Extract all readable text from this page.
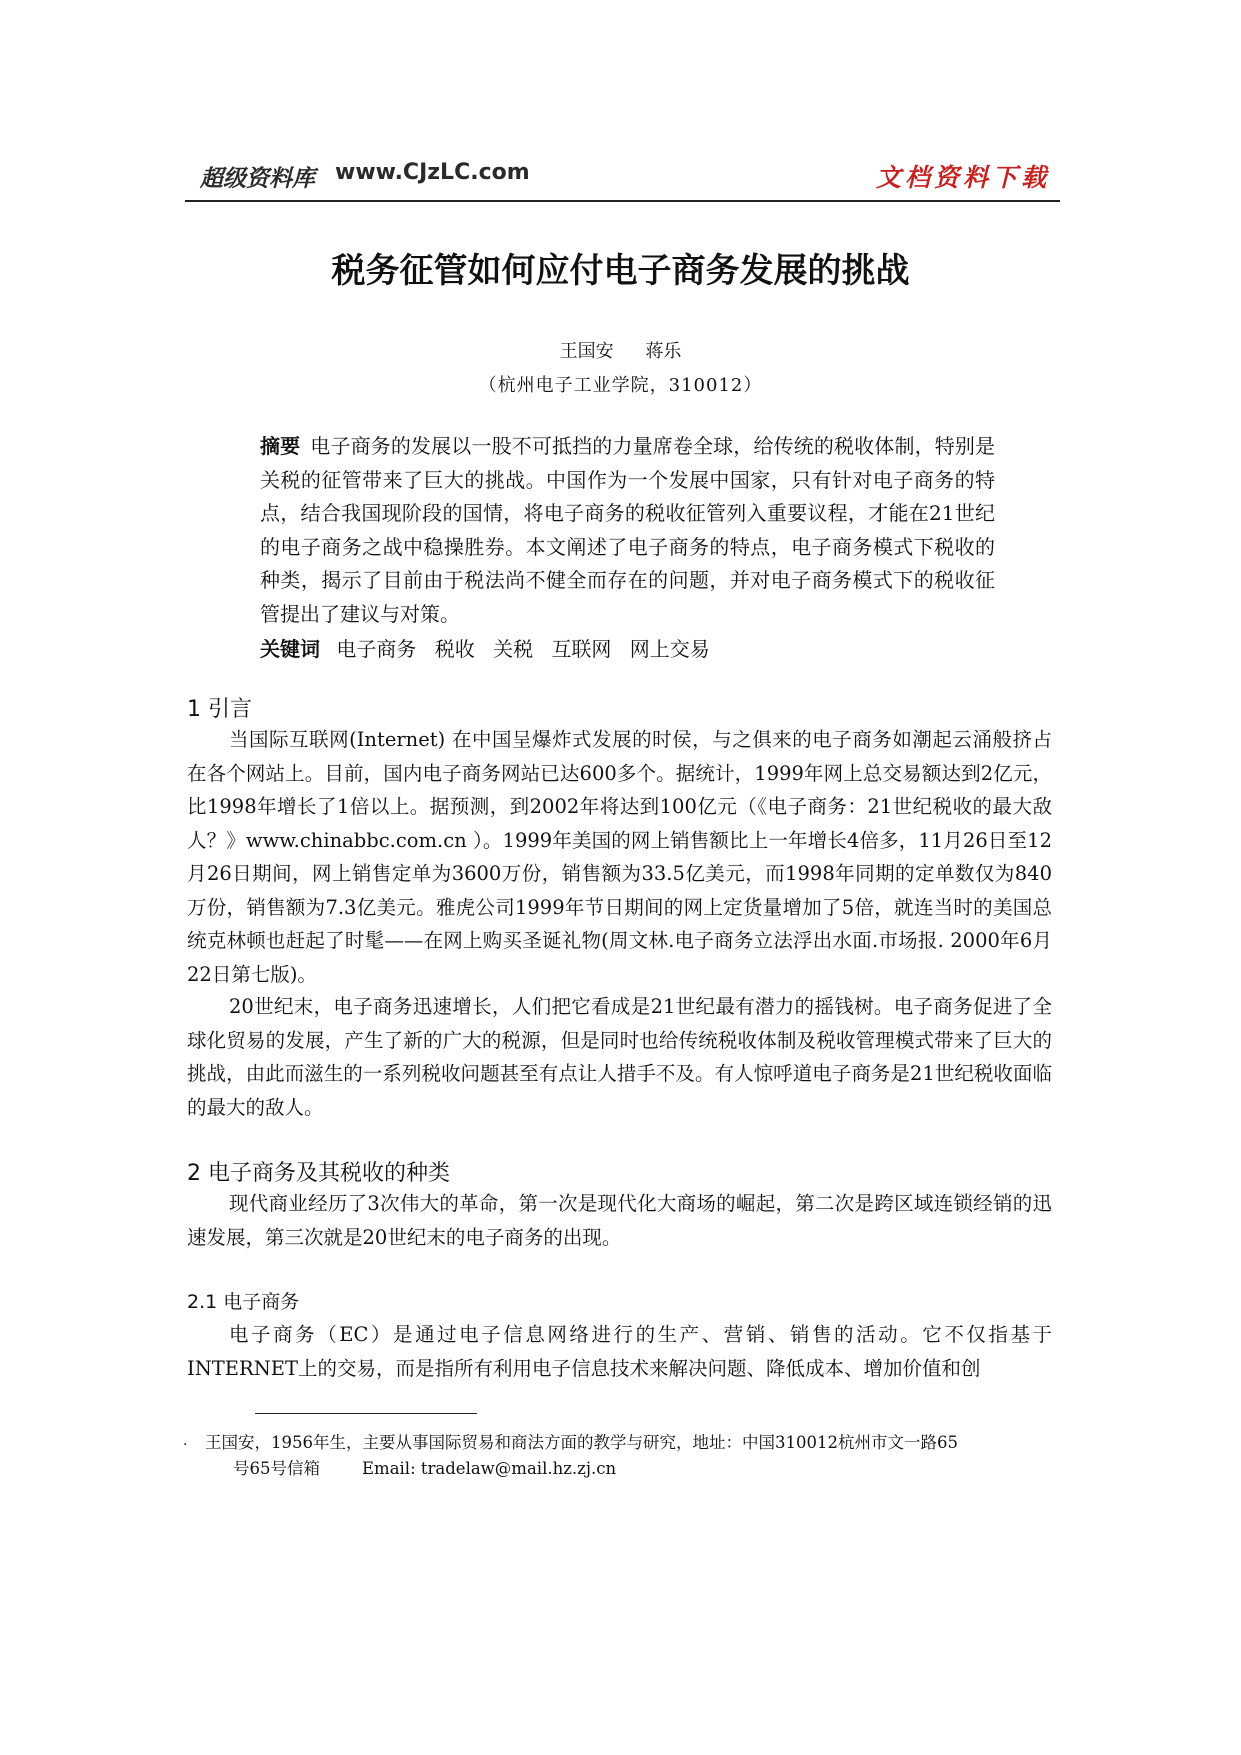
超级资料库 www.CJzLC.com	文档资料下载
税务征管如何应付电子商务发展的挑战
王国安 蒋乐
（杭州电子工业学院，310012）
摘要 电子商务的发展以一股不可抵挡的力量席卷全球，给传统的税收体制，特别是关税的征管带来了巨大的挑战。中国作为一个发展中国家，只有针对电子商务的特点，结合我国现阶段的国情，将电子商务的税收征管列入重要议程，才能在21世纪的电子商务之战中稳操胜券。本文阐述了电子商务的特点，电子商务模式下税收的种类，揭示了目前由于税法尚不健全而存在的问题，并对电子商务模式下的税收征管提出了建议与对策。
关键词 电子商务 税收 关税 互联网 网上交易
1 引言
当国际互联网(Internet) 在中国呈爆炸式发展的时侯，与之俱来的电子商务如潮起云涌般挤占在各个网站上。目前，国内电子商务网站已达600多个。据统计，1999年网上总交易额达到2亿元，比1998年增长了1倍以上。据预测，到2002年将达到100亿元（《电子商务：21世纪税收的最大敌人？》www.chinabbc.com.cn ）。1999年美国的网上销售额比上一年增长4倍多，11月26日至12月26日期间，网上销售定单为3600万份，销售额为33.5亿美元，而1998年同期的定单数仅为840万份，销售额为7.3亿美元。雅虎公司1999年节日期间的网上定货量增加了5倍，就连当时的美国总统克林顿也赶起了时髦——在网上购买圣诞礼物(周文林.电子商务立法浮出水面.市场报. 2000年6月22日第七版)。
20世纪末，电子商务迅速增长，人们把它看成是21世纪最有潜力的摇钱树。电子商务促进了全球化贸易的发展，产生了新的广大的税源，但是同时也给传统税收体制及税收管理模式带来了巨大的挑战，由此而滋生的一系列税收问题甚至有点让人措手不及。有人惊呼道电子商务是21世纪税收面临的最大的敌人。
2 电子商务及其税收的种类
现代商业经历了3次伟大的革命，第一次是现代化大商场的崛起，第二次是跨区域连锁经销的迅速发展，第三次就是20世纪末的电子商务的出现。
2.1 电子商务
电子商务（EC）是通过电子信息网络进行的生产、营销、销售的活动。它不仅指基于INTERNET上的交易，而是指所有利用电子信息技术来解决问题、降低成本、增加价值和创
· 王国安，1956年生，主要从事国际贸易和商法方面的教学与研究，地址：中国310012杭州市文一路65
号65号信箱	Email: tradelaw@mail.hz.zj.cn
